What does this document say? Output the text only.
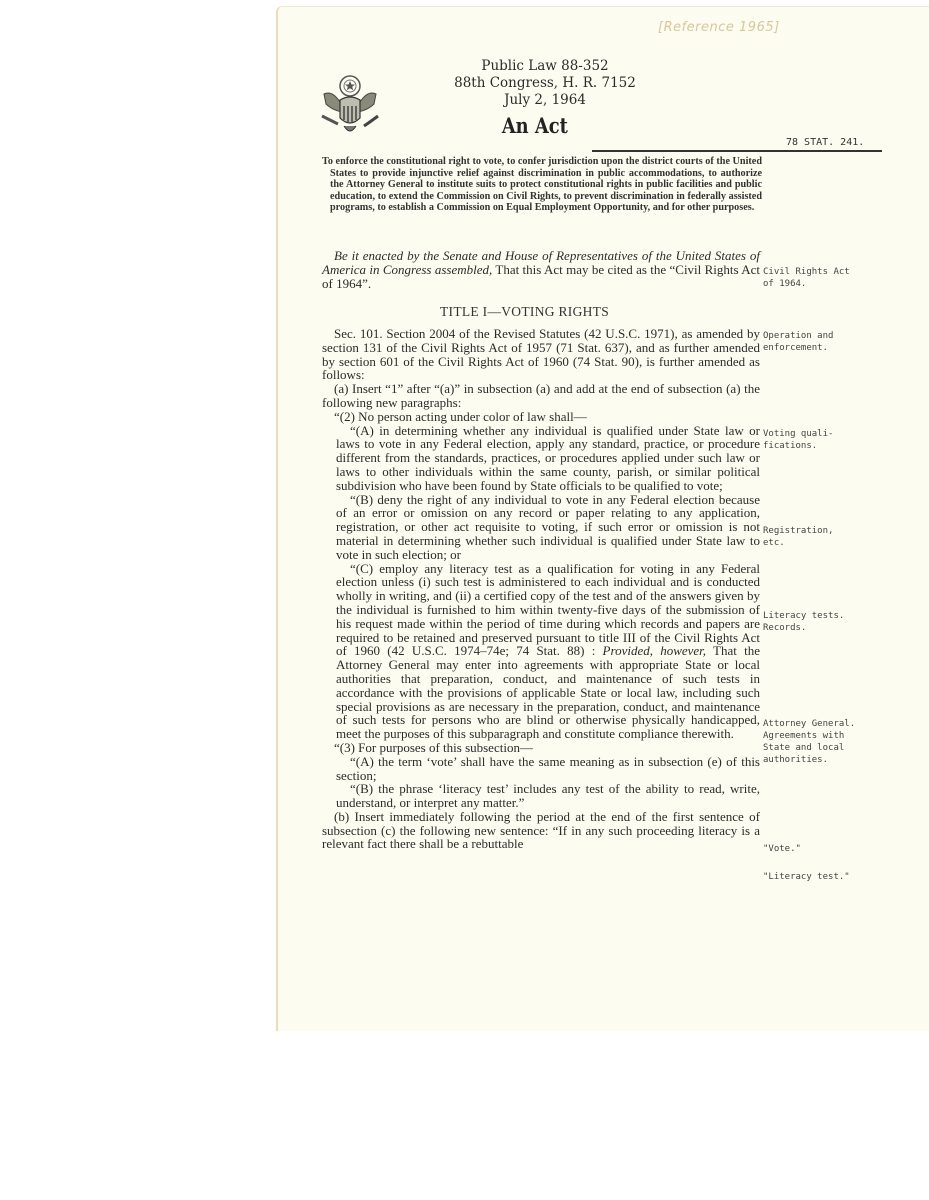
[Reference 1965]
Public Law 88-352
88th Congress, H. R. 7152
July 2, 1964
An Act
78 STAT. 241.

To enforce the constitutional right to vote, to confer jurisdiction upon the district courts of the United States to provide injunctive relief against discrimination in public accommodations, to authorize the Attorney General to institute suits to protect constitutional rights in public facilities and public education, to extend the Commission on Civil Rights, to prevent discrimination in federally assisted programs, to establish a Commission on Equal Employment Opportunity, and for other purposes.

Be it enacted by the Senate and House of Representatives of the United States of America in Congress assembled, That this Act may be cited as the “Civil Rights Act of 1964”.

Civil Rights Act
of 1964.
TITLE I—VOTING RIGHTS

Sec. 101. Section 2004 of the Revised Statutes (42 U.S.C. 1971), as amended by section 131 of the Civil Rights Act of 1957 (71 Stat. 637), and as further amended by section 601 of the Civil Rights Act of 1960 (74 Stat. 90), is further amended as follows:

(a) Insert “1” after “(a)” in subsection (a) and add at the end of subsection (a) the following new paragraphs:

“(2) No person acting under color of law shall—

“(A) in determining whether any individual is qualified under State law or laws to vote in any Federal election, apply any standard, practice, or procedure different from the standards, practices, or procedures applied under such law or laws to other individuals within the same county, parish, or similar political subdivision who have been found by State officials to be qualified to vote;

“(B) deny the right of any individual to vote in any Federal election because of an error or omission on any record or paper relating to any application, registration, or other act requisite to voting, if such error or omission is not material in determining whether such individual is qualified under State law to vote in such election; or

“(C) employ any literacy test as a qualification for voting in any Federal election unless (i) such test is administered to each individual and is conducted wholly in writing, and (ii) a certified copy of the test and of the answers given by the individual is furnished to him within twenty-five days of the submission of his request made within the period of time during which records and papers are required to be retained and preserved pursuant to title III of the Civil Rights Act of 1960 (42 U.S.C. 1974–74e; 74 Stat. 88) : Provided, however, That the Attorney General may enter into agreements with appropriate State or local authorities that preparation, conduct, and maintenance of such tests in accordance with the provisions of applicable State or local law, including such special provisions as are necessary in the preparation, conduct, and maintenance of such tests for persons who are blind or otherwise physically handicapped, meet the purposes of this subparagraph and constitute compliance therewith.

“(3) For purposes of this subsection—

“(A) the term ‘vote’ shall have the same meaning as in subsection (e) of this section;

“(B) the phrase ‘literacy test’ includes any test of the ability to read, write, understand, or interpret any matter.”

(b) Insert immediately following the period at the end of the first sentence of subsection (c) the following new sentence: “If in any such proceeding literacy is a relevant fact there shall be a rebuttable

Operation and
enforcement.
Voting quali-
fications.
Registration,
etc.
Literacy tests.
Records.
Attorney General.
Agreements with
State and local
authorities.
"Vote."
"Literacy test."
